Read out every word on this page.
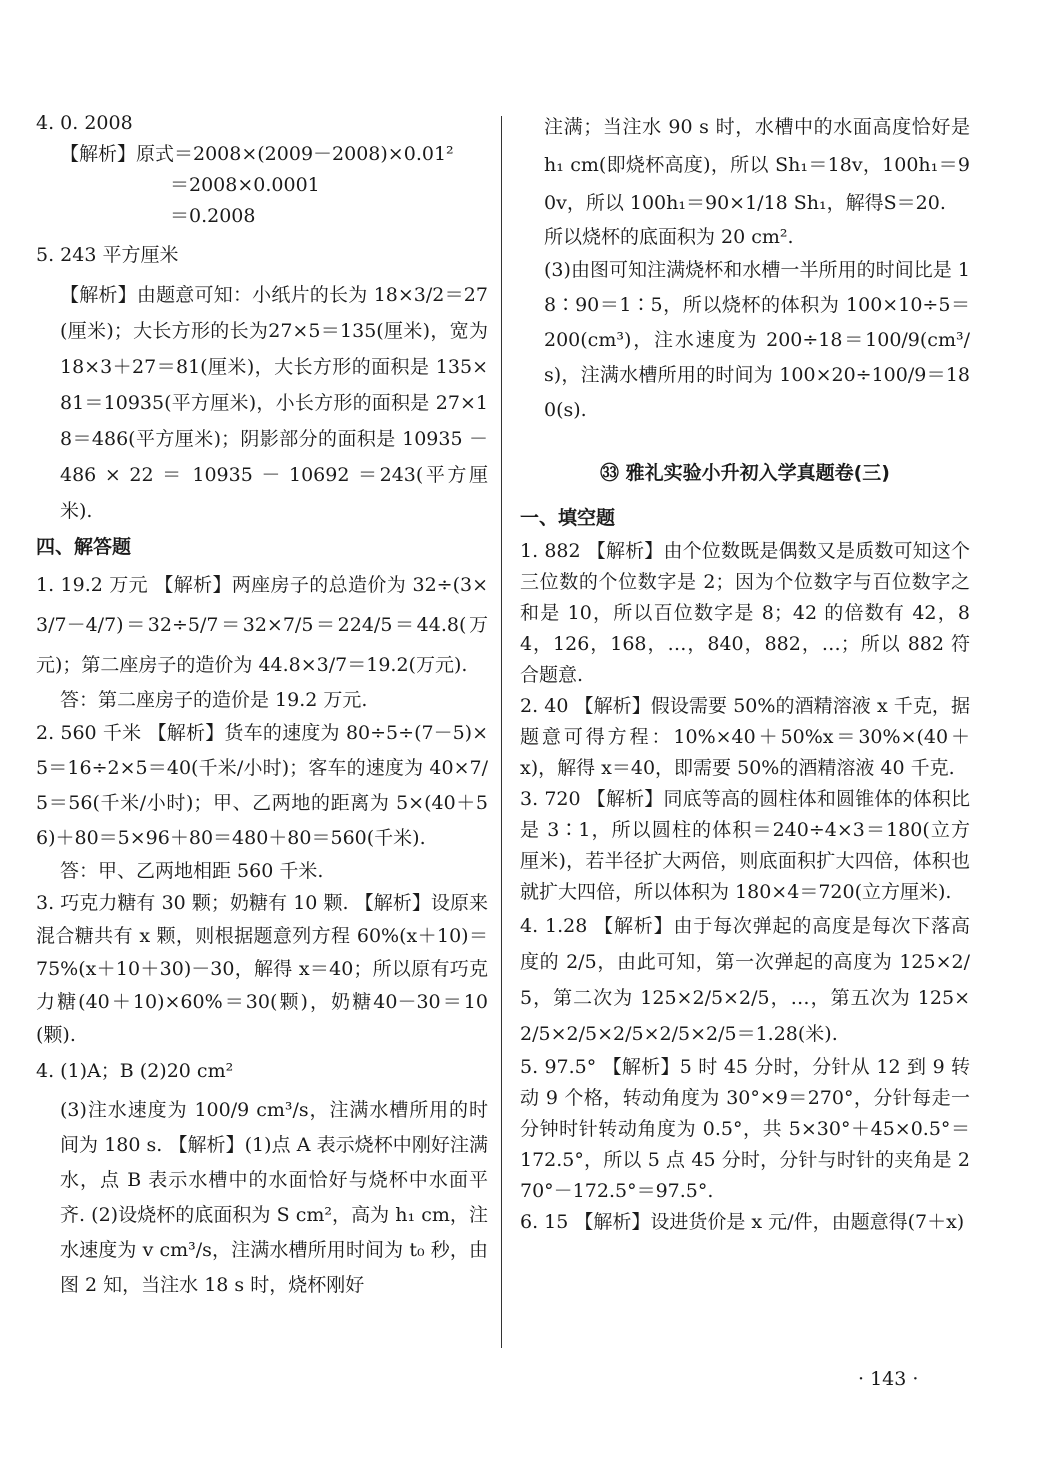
4. 0. 2008

【解析】原式＝2008×(2009－2008)×0.01²

＝2008×0.0001

＝0.2008

5. 243 平方厘米

【解析】由题意可知：小纸片的长为 18×3/2＝27(厘米)；大长方形的长为27×5＝135(厘米)，宽为 18×3＋27＝81(厘米)，大长方形的面积是 135×81＝10935(平方厘米)，小长方形的面积是 27×18＝486(平方厘米)；阴影部分的面积是 10935 － 486 × 22 ＝ 10935 － 10692 ＝243(平方厘米).

四、解答题

1. 19.2 万元 【解析】两座房子的总造价为 32÷(3×3/7－4/7)＝32÷5/7＝32×7/5＝224/5＝44.8(万元)；第二座房子的造价为 44.8×3/7＝19.2(万元).

答：第二座房子的造价是 19.2 万元.

2. 560 千米 【解析】货车的速度为 80÷5÷(7－5)×5＝16÷2×5＝40(千米/小时)；客车的速度为 40×7/5＝56(千米/小时)；甲、乙两地的距离为 5×(40＋56)＋80＝5×96＋80＝480＋80＝560(千米).

答：甲、乙两地相距 560 千米.

3. 巧克力糖有 30 颗；奶糖有 10 颗. 【解析】设原来混合糖共有 x 颗，则根据题意列方程 60%(x＋10)＝75%(x＋10＋30)－30，解得 x＝40；所以原有巧克力糖(40＋10)×60%＝30(颗)，奶糖40－30＝10(颗).

4. (1)A；B (2)20 cm²

(3)注水速度为 100/9 cm³/s，注满水槽所用的时间为 180 s. 【解析】(1)点 A 表示烧杯中刚好注满水，点 B 表示水槽中的水面恰好与烧杯中水面平齐. (2)设烧杯的底面积为 S cm²，高为 h₁ cm，注水速度为 v cm³/s，注满水槽所用时间为 t₀ 秒，由图 2 知，当注水 18 s 时，烧杯刚好

注满；当注水 90 s 时，水槽中的水面高度恰好是 h₁ cm(即烧杯高度)，所以 Sh₁＝18v，100h₁＝90v，所以 100h₁＝90×1/18 Sh₁，解得S＝20.

所以烧杯的底面积为 20 cm².

(3)由图可知注满烧杯和水槽一半所用的时间比是 18∶90＝1∶5，所以烧杯的体积为 100×10÷5＝200(cm³)，注水速度为 200÷18＝100/9(cm³/s)，注满水槽所用的时间为 100×20÷100/9＝180(s).

㉝ 雅礼实验小升初入学真题卷(三)

一、填空题

1. 882 【解析】由个位数既是偶数又是质数可知这个三位数的个位数字是 2；因为个位数字与百位数字之和是 10，所以百位数字是 8；42 的倍数有 42，84，126，168，…，840，882，…；所以 882 符合题意.

2. 40 【解析】假设需要 50%的酒精溶液 x 千克，据题意可得方程：10%×40＋50%x＝30%×(40＋x)，解得 x＝40，即需要 50%的酒精溶液 40 千克.

3. 720 【解析】同底等高的圆柱体和圆锥体的体积比是 3∶1，所以圆柱的体积＝240÷4×3＝180(立方厘米)，若半径扩大两倍，则底面积扩大四倍，体积也就扩大四倍，所以体积为 180×4＝720(立方厘米).

4. 1.28 【解析】由于每次弹起的高度是每次下落高度的 2/5，由此可知，第一次弹起的高度为 125×2/5，第二次为 125×2/5×2/5，…，第五次为 125×2/5×2/5×2/5×2/5×2/5＝1.28(米).

5. 97.5° 【解析】5 时 45 分时，分针从 12 到 9 转动 9 个格，转动角度为 30°×9＝270°，分针每走一分钟时针转动角度为 0.5°，共 5×30°＋45×0.5°＝172.5°，所以 5 点 45 分时，分针与时针的夹角是 270°－172.5°＝97.5°.

6. 15 【解析】设进货价是 x 元/件，由题意得(7＋x)

· 143 ·
